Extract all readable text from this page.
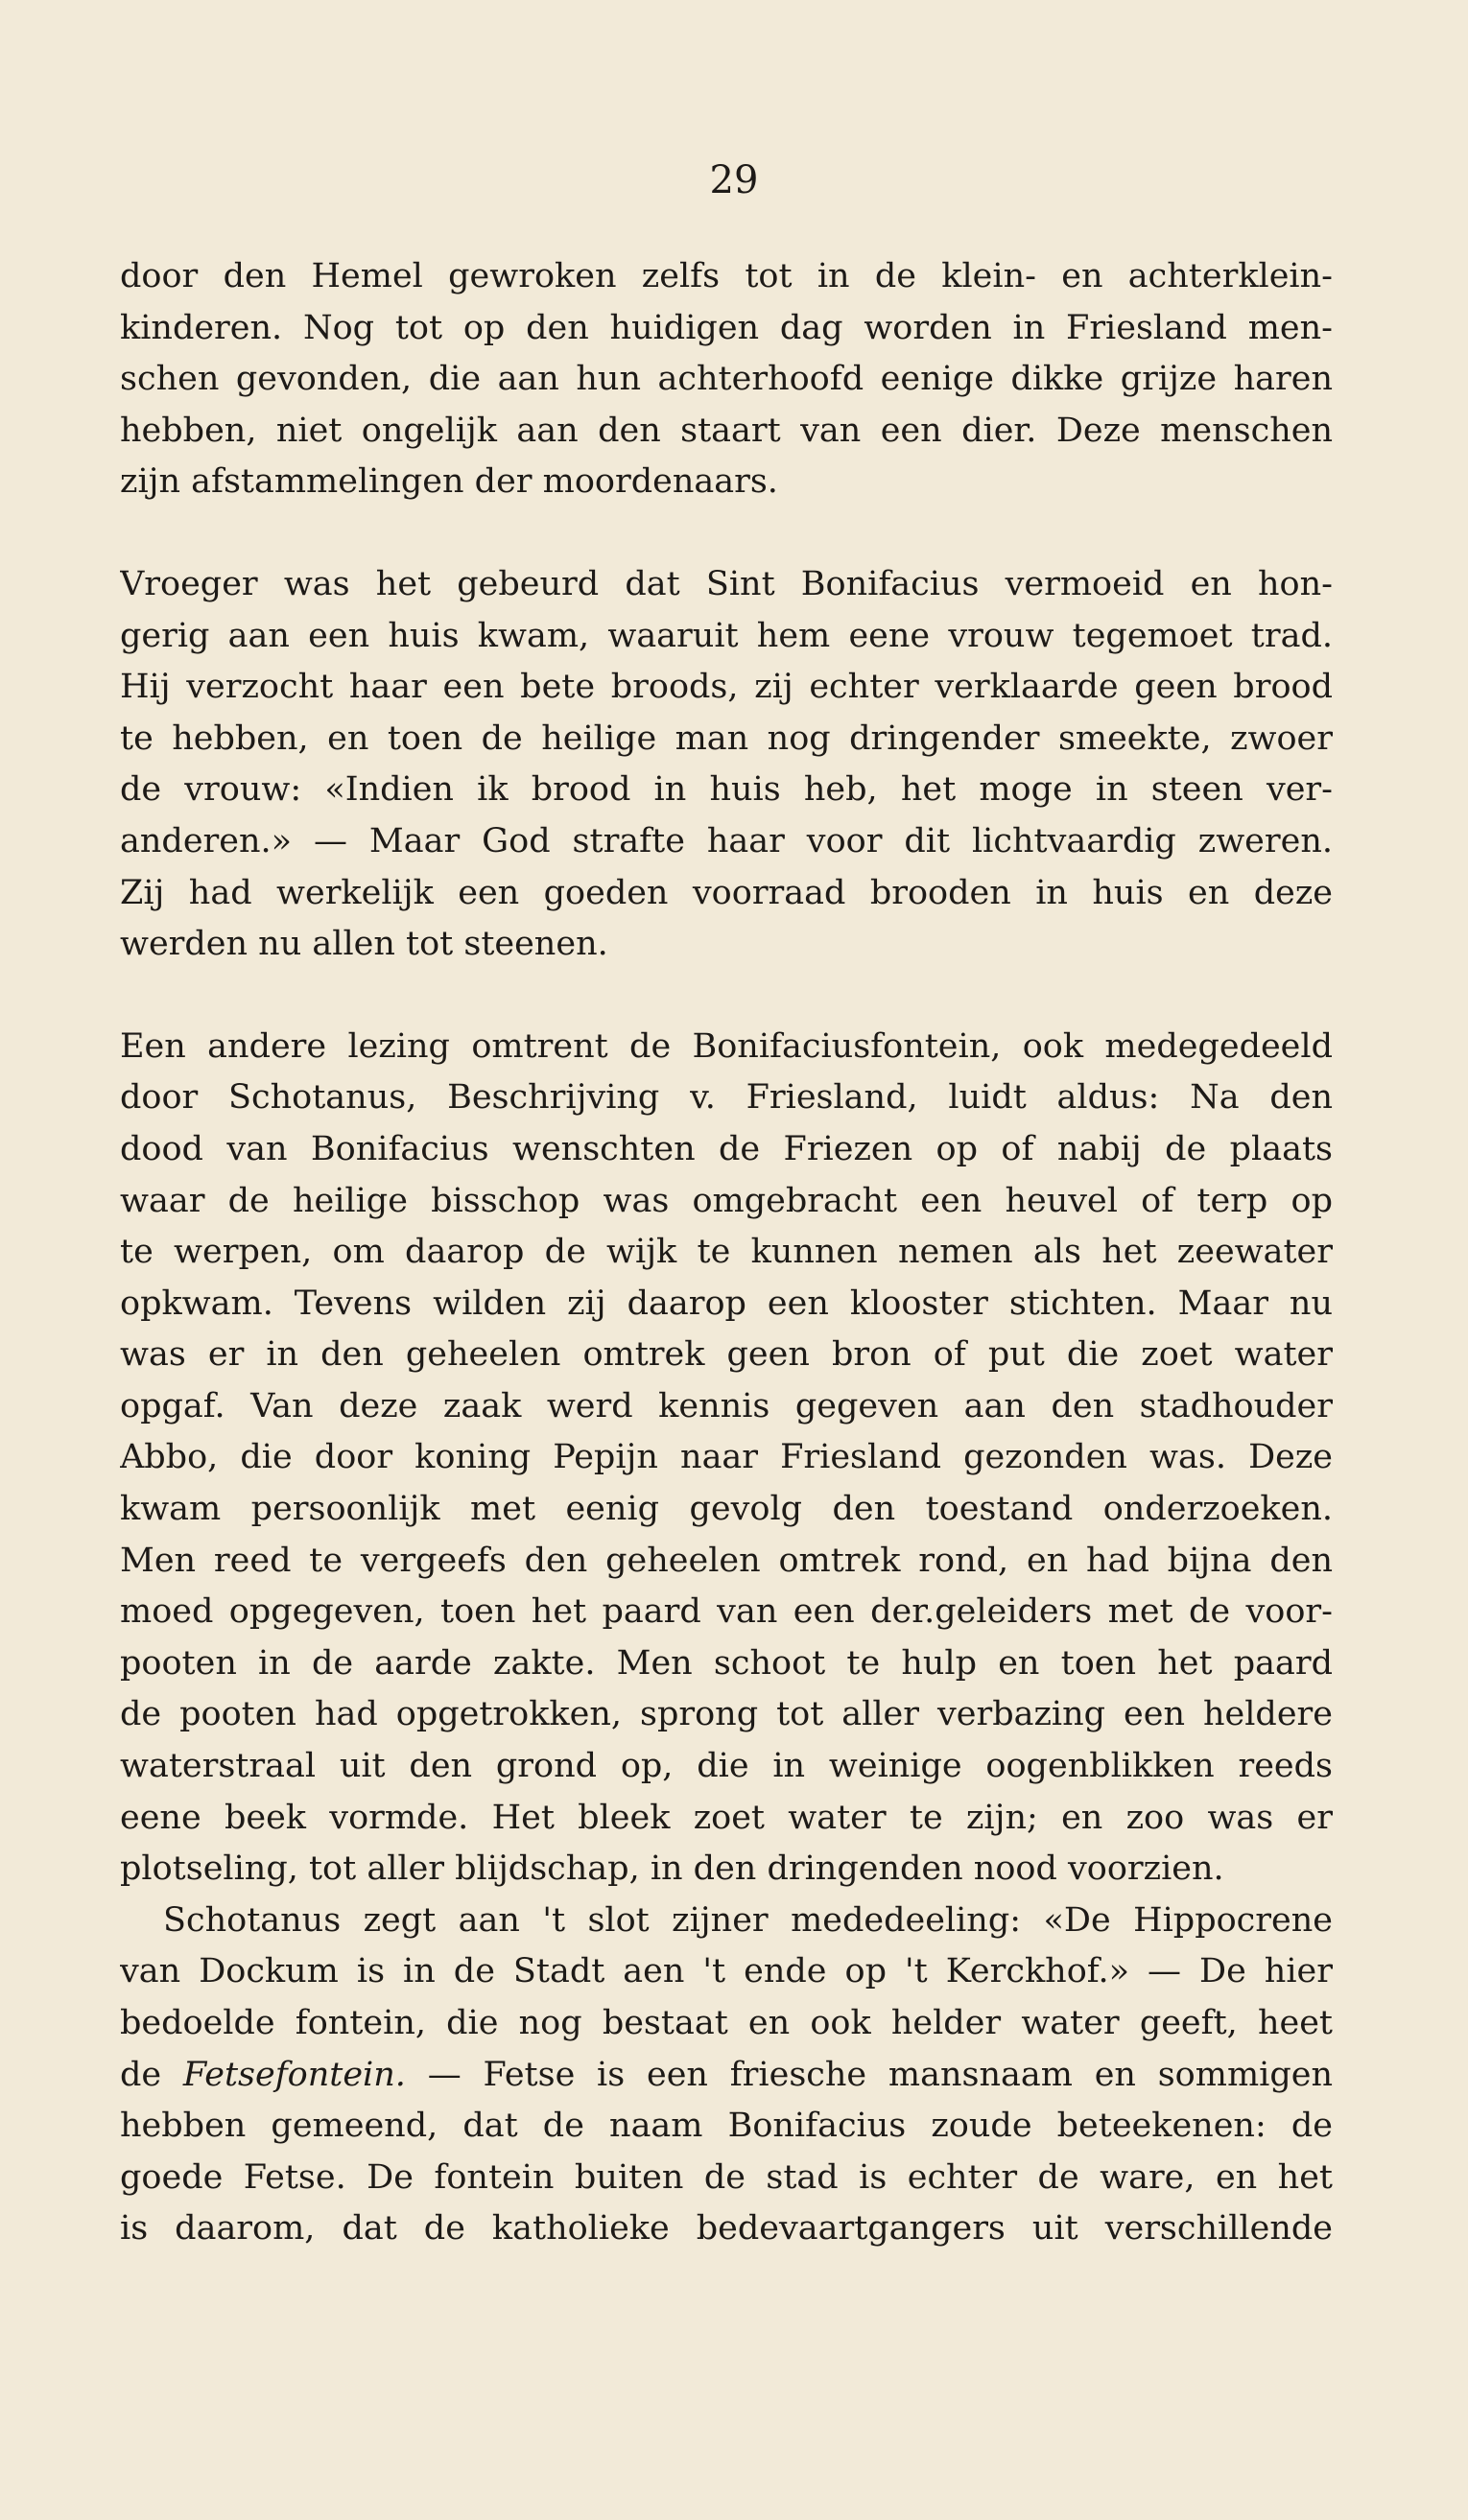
29
door den Hemel gewroken zelfs tot in de klein- en achterklein-
kinderen. Nog tot op den huidigen dag worden in Friesland men-
schen gevonden, die aan hun achterhoofd eenige dikke grijze haren
hebben, niet ongelijk aan den staart van een dier. Deze menschen
zijn afstammelingen der moordenaars.
Vroeger was het gebeurd dat Sint Bonifacius vermoeid en hon-
gerig aan een huis kwam, waaruit hem eene vrouw tegemoet trad.
Hij verzocht haar een bete broods, zij echter verklaarde geen brood
te hebben, en toen de heilige man nog dringender smeekte, zwoer
de vrouw: «Indien ik brood in huis heb, het moge in steen ver-
anderen.» — Maar God strafte haar voor dit lichtvaardig zweren.
Zij had werkelijk een goeden voorraad brooden in huis en deze
werden nu allen tot steenen.
Een andere lezing omtrent de Bonifaciusfontein, ook medegedeeld
door Schotanus, Beschrijving v. Friesland, luidt aldus: Na den
dood van Bonifacius wenschten de Friezen op of nabij de plaats
waar de heilige bisschop was omgebracht een heuvel of terp op
te werpen, om daarop de wijk te kunnen nemen als het zeewater
opkwam. Tevens wilden zij daarop een klooster stichten. Maar nu
was er in den geheelen omtrek geen bron of put die zoet water
opgaf. Van deze zaak werd kennis gegeven aan den stadhouder
Abbo, die door koning Pepijn naar Friesland gezonden was. Deze
kwam persoonlijk met eenig gevolg den toestand onderzoeken.
Men reed te vergeefs den geheelen omtrek rond, en had bijna den
moed opgegeven, toen het paard van een der.geleiders met de voor-
pooten in de aarde zakte. Men schoot te hulp en toen het paard
de pooten had opgetrokken, sprong tot aller verbazing een heldere
waterstraal uit den grond op, die in weinige oogenblikken reeds
eene beek vormde. Het bleek zoet water te zijn; en zoo was er
plotseling, tot aller blijdschap, in den dringenden nood voorzien.
Schotanus zegt aan 't slot zijner mededeeling: «De Hippocrene
van Dockum is in de Stadt aen 't ende op 't Kerckhof.» — De hier
bedoelde fontein, die nog bestaat en ook helder water geeft, heet
de Fetsefontein. — Fetse is een friesche mansnaam en sommigen
hebben gemeend, dat de naam Bonifacius zoude beteekenen: de
goede Fetse. De fontein buiten de stad is echter de ware, en het
is daarom, dat de katholieke bedevaartgangers uit verschillende
